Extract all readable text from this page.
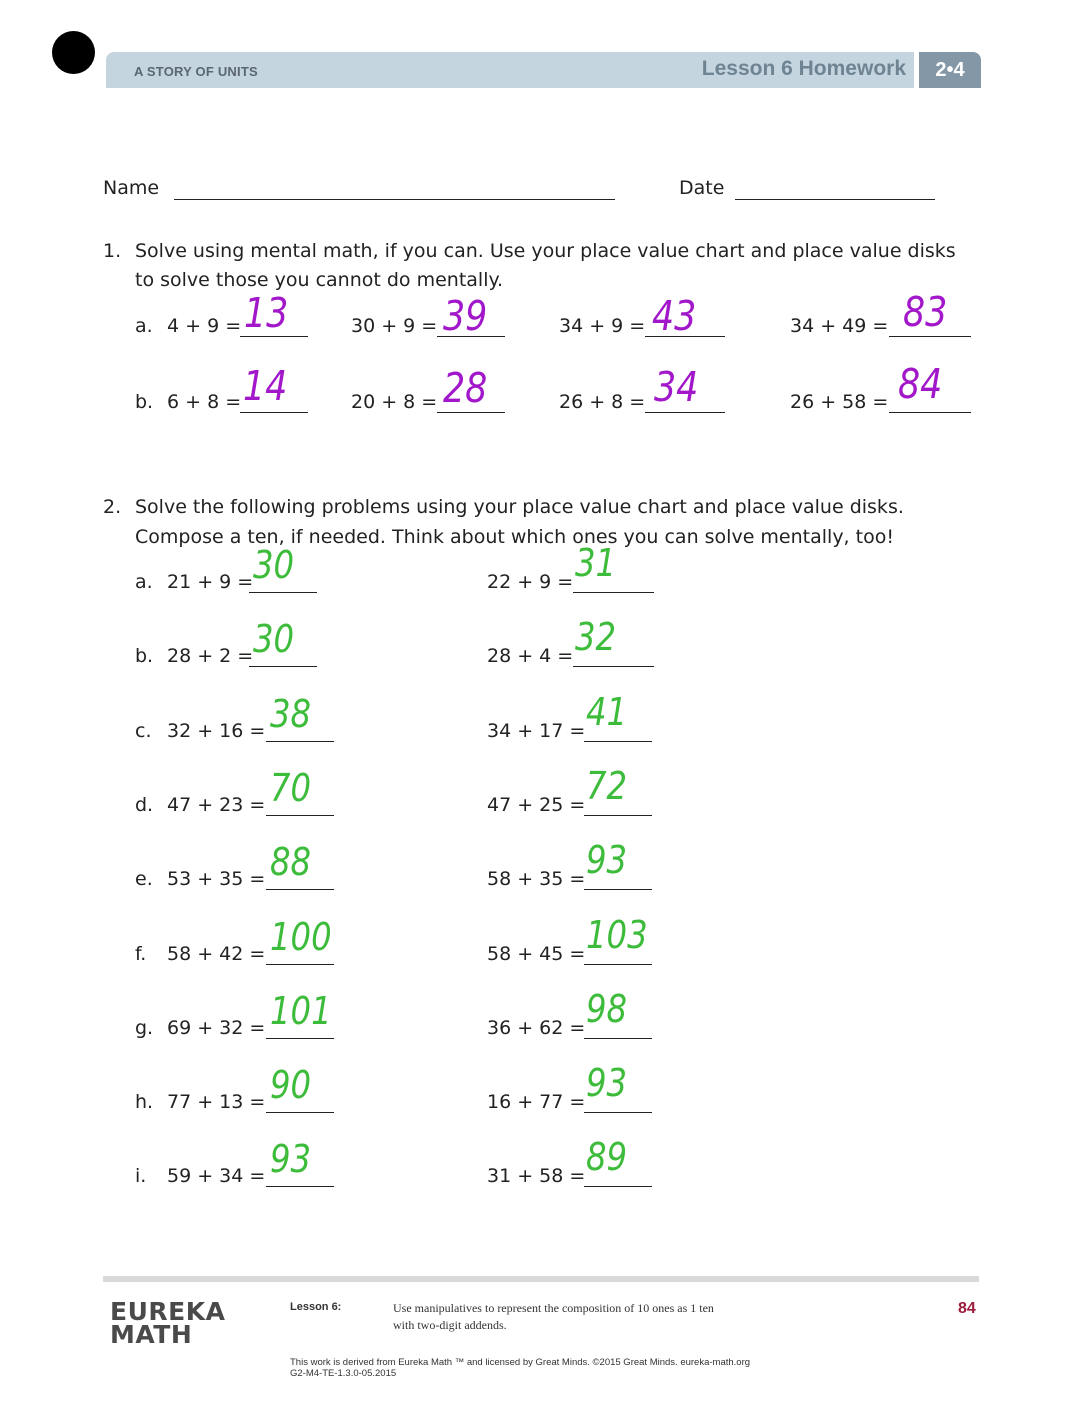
A STORY OF UNITS	Lesson 6 Homework	2•4
Name	Date
1. Solve using mental math, if you can. Use your place value chart and place value disks
to solve those you cannot do mentally.
a. 4 + 9 = 13	30 + 9 = 39	34 + 9 = 43	34 + 49 = 83
b. 6 + 8 = 14	20 + 8 = 28	26 + 8 = 34	26 + 58 = 84
2. Solve the following problems using your place value chart and place value disks.
Compose a ten, if needed. Think about which ones you can solve mentally, too!
a. 21 + 9 = 30	22 + 9 = 31
b. 28 + 2 = 30	28 + 4 = 32
c. 32 + 16 = 38	34 + 17 = 41
d. 47 + 23 = 70	47 + 25 = 72
e. 53 + 35 = 88	58 + 35 = 93
f. 58 + 42 = 100	58 + 45 = 103
g. 69 + 32 = 101	36 + 62 = 98
h. 77 + 13 = 90	16 + 77 = 93
i. 59 + 34 = 93	31 + 58 = 89
EUREKA
MATH
Lesson 6:	Use manipulatives to represent the composition of 10 ones as 1 ten
with two-digit addends.
84
This work is derived from Eureka Math ™ and licensed by Great Minds. ©2015 Great Minds. eureka-math.org
G2-M4-TE-1.3.0-05.2015
